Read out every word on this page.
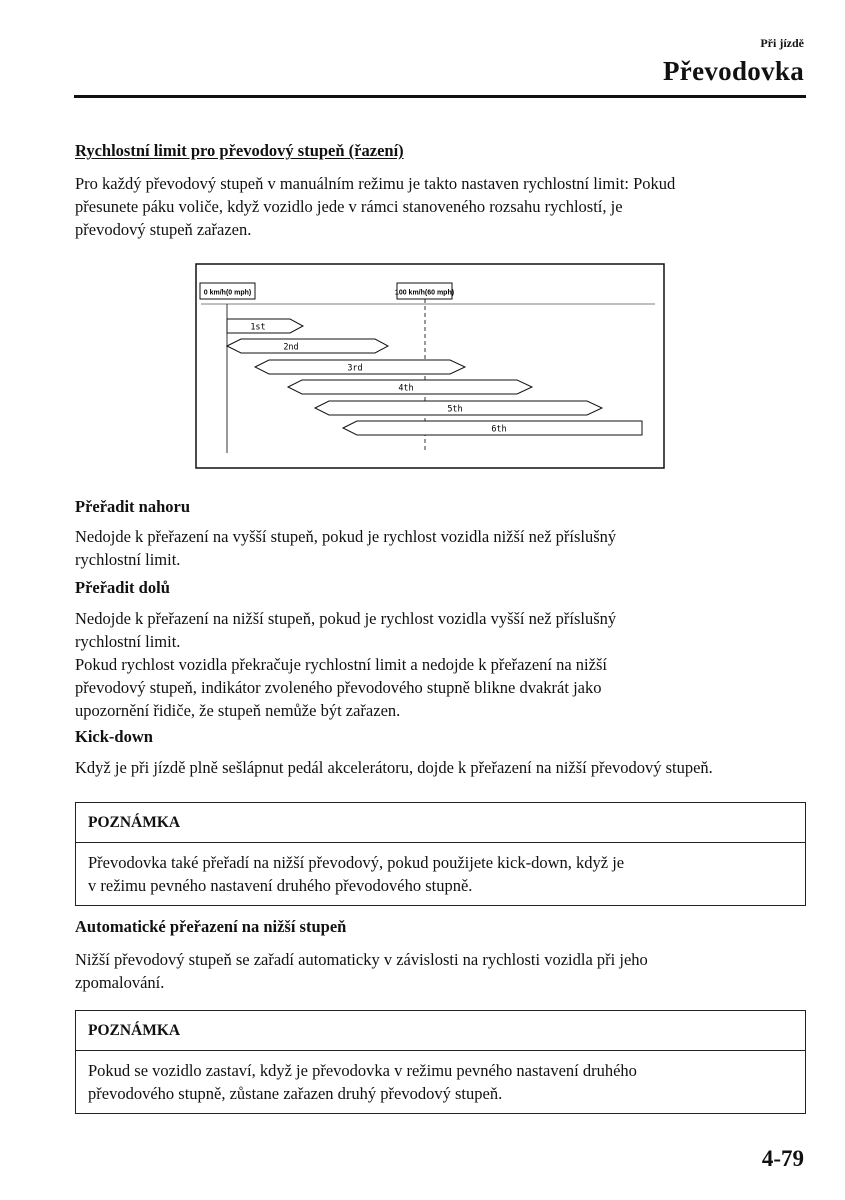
Při jízdě
Převodovka
Rychlostní limit pro převodový stupeň (řazení)
Pro každý převodový stupeň v manuálním režimu je takto nastaven rychlostní limit: Pokud
přesunete páku voliče, když vozidlo jede v rámci stanoveného rozsahu rychlostí, je
převodový stupeň zařazen.
0 km/h(0 mph)	100 km/h(60 mph)
1st
2nd
3rd
4th
5th
6th
Přeřadit nahoru
Nedojde k přeřazení na vyšší stupeň, pokud je rychlost vozidla nižší než příslušný
rychlostní limit.
Přeřadit dolů
Nedojde k přeřazení na nižší stupeň, pokud je rychlost vozidla vyšší než příslušný
rychlostní limit.
Pokud rychlost vozidla překračuje rychlostní limit a nedojde k přeřazení na nižší
převodový stupeň, indikátor zvoleného převodového stupně blikne dvakrát jako
upozornění řidiče, že stupeň nemůže být zařazen.
Kick-down
Když je při jízdě plně sešlápnut pedál akcelerátoru, dojde k přeřazení na nižší převodový stupeň.
POZNÁMKA
Převodovka také přeřadí na nižší převodový, pokud použijete kick-down, když je
v režimu pevného nastavení druhého převodového stupně.
Automatické přeřazení na nižší stupeň
Nižší převodový stupeň se zařadí automaticky v závislosti na rychlosti vozidla při jeho
zpomalování.
POZNÁMKA
Pokud se vozidlo zastaví, když je převodovka v režimu pevného nastavení druhého
převodového stupně, zůstane zařazen druhý převodový stupeň.
4-79
